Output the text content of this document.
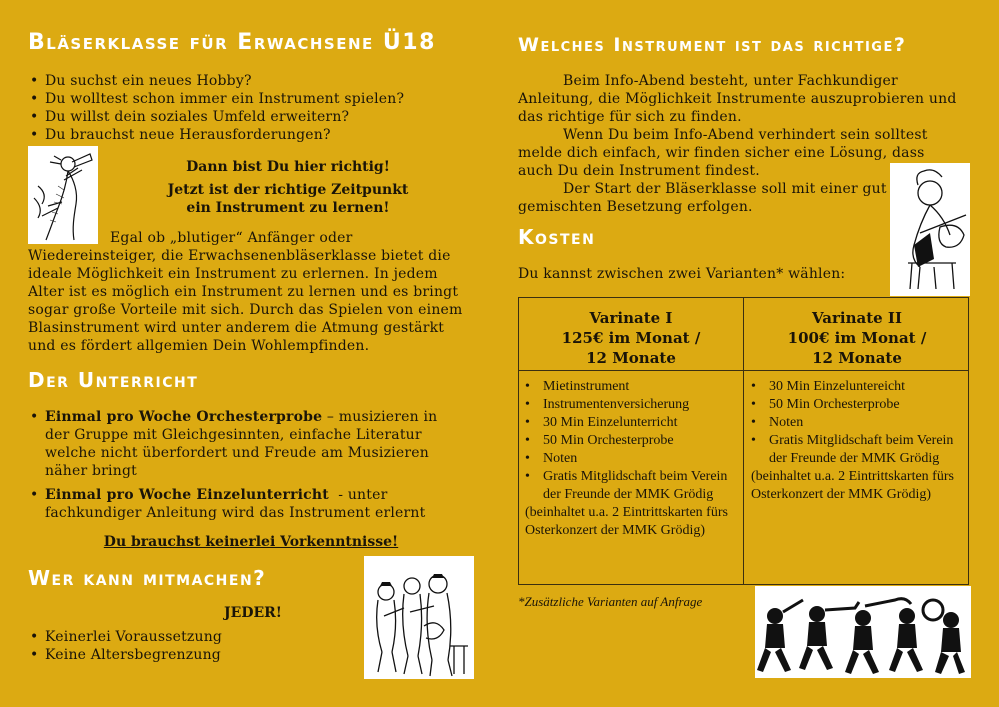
Bläserklasse für Erwachsene Ü18
• Du suchst ein neues Hobby?
• Du wolltest schon immer ein Instrument spielen?
• Du willst dein soziales Umfeld erweitern?
• Du brauchst neue Herausforderungen?
Dann bist Du hier richtig!
Jetzt ist der richtige Zeitpunkt
ein Instrument zu lernen!
Egal ob „blutiger“ Anfänger oder
Wiedereinsteiger, die Erwachsenenbläserklasse bietet die
ideale Möglichkeit ein Instrument zu erlernen. In jedem
Alter ist es möglich ein Instrument zu lernen und es bringt
sogar große Vorteile mit sich. Durch das Spielen von einem
Blasinstrument wird unter anderem die Atmung gestärkt
und es fördert allgemien Dein Wohlempfinden.
Der Unterricht
• Einmal pro Woche Orchesterprobe – musizieren in
der Gruppe mit Gleichgesinnten, einfache Literatur
welche nicht überfordert und Freude am Musizieren
näher bringt
• Einmal pro Woche Einzelunterricht  - unter
fachkundiger Anleitung wird das Instrument erlernt
Du brauchst keinerlei Vorkenntnisse!
Wer kann mitmachen?
JEDER!
• Keinerlei Voraussetzung
• Keine Altersbegrenzung
Welches Instrument ist das richtige?
Beim Info-Abend besteht, unter Fachkundiger
Anleitung, die Möglichkeit Instrumente auszuprobieren und
das richtige für sich zu finden.
Wenn Du beim Info-Abend verhindert sein solltest
melde dich einfach, wir finden sicher eine Lösung, dass
auch Du dein Instrument findest.
Der Start der Bläserklasse soll mit einer gut
gemischten Besetzung erfolgen.
Kosten
Du kannst zwischen zwei Varianten* wählen:
Varinate I
125€ im Monat /
12 Monate
Varinate II
100€ im Monat /
12 Monate
• Mietinstrument
• Instrumentenversicherung
• 30 Min Einzelunterricht
• 50 Min Orchesterprobe
• Noten
• Gratis Mitglidschaft beim Verein der Freunde der MMK Grödig
(beinhaltet u.a. 2 Eintrittskarten fürs Osterkonzert der MMK Grödig)
• 30 Min Einzeluntereicht
• 50 Min Orchesterprobe
• Noten
• Gratis Mitglidschaft beim Verein der Freunde der MMK Grödig
(beinhaltet u.a. 2 Eintrittskarten fürs Osterkonzert der MMK Grödig)
*Zusätzliche Varianten auf Anfrage
